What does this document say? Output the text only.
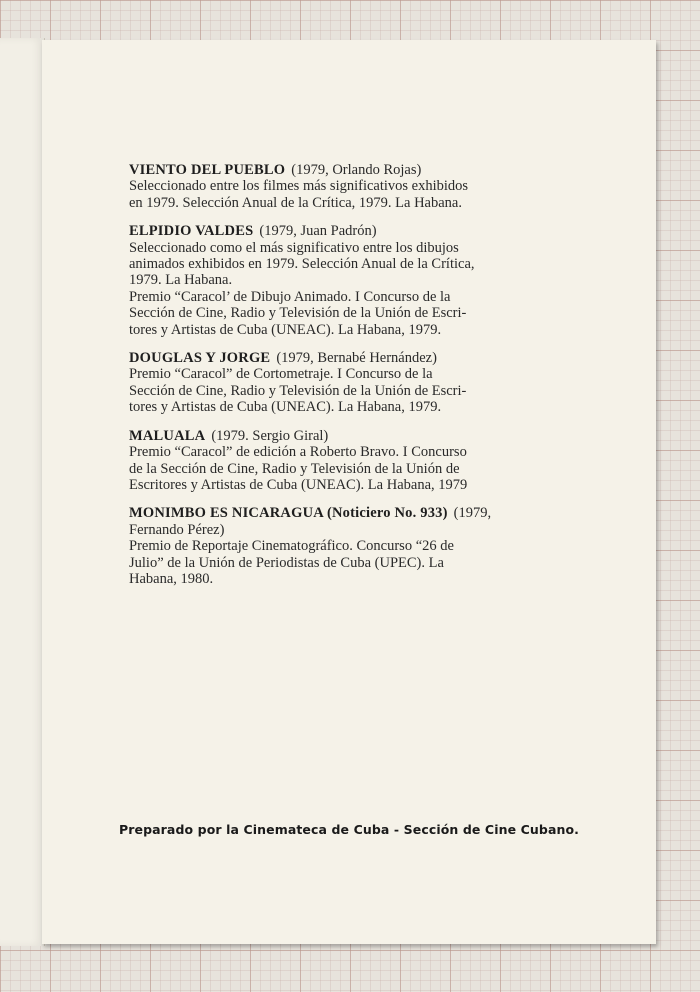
VIENTO DEL PUEBLO (1979, Orlando Rojas)
Seleccionado entre los filmes más significativos exhibidos
en 1979. Selección Anual de la Crítica, 1979. La Habana.
ELPIDIO VALDES (1979, Juan Padrón)
Seleccionado como el más significativo entre los dibujos
animados exhibidos en 1979. Selección Anual de la Crítica,
1979. La Habana.
Premio “Caracol’ de Dibujo Animado. I Concurso de la
Sección de Cine, Radio y Televisión de la Unión de Escri-
tores y Artistas de Cuba (UNEAC). La Habana, 1979.
DOUGLAS Y JORGE (1979, Bernabé Hernández)
Premio “Caracol” de Cortometraje. I Concurso de la
Sección de Cine, Radio y Televisión de la Unión de Escri-
tores y Artistas de Cuba (UNEAC). La Habana, 1979.
MALUALA (1979. Sergio Giral)
Premio “Caracol” de edición a Roberto Bravo. I Concurso
de la Sección de Cine, Radio y Televisión de la Unión de
Escritores y Artistas de Cuba (UNEAC). La Habana, 1979
MONIMBO ES NICARAGUA (Noticiero No. 933) (1979,
Fernando Pérez)
Premio de Reportaje Cinematográfico. Concurso “26 de
Julio” de la Unión de Periodistas de Cuba (UPEC). La
Habana, 1980.
Preparado por la Cinemateca de Cuba - Sección de Cine Cubano.
